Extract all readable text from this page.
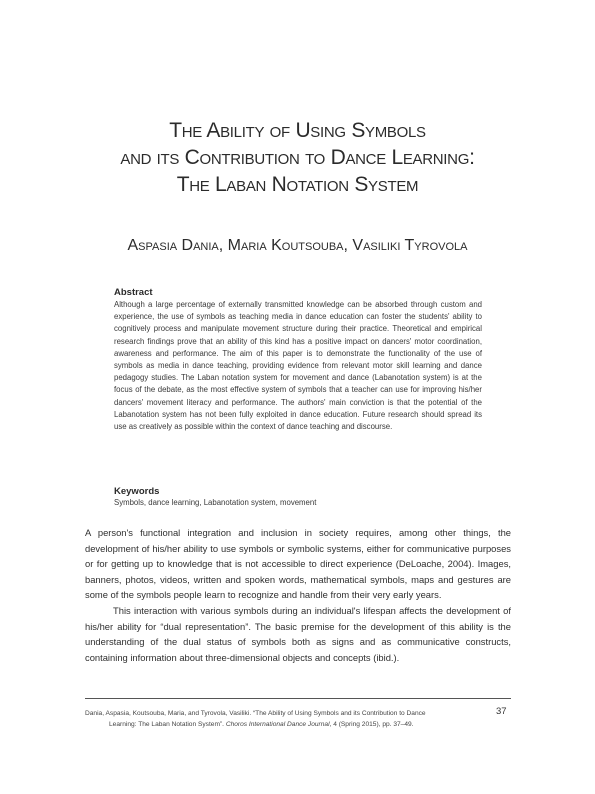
The Ability of Using Symbols
and its Contribution to Dance Learning:
The Laban Notation System
Aspasia Dania, Maria Koutsouba, Vasiliki Tyrovola
Abstract
Although a large percentage of externally transmitted knowledge can be absorbed through custom and experience, the use of symbols as teaching media in dance education can foster the students' ability to cognitively process and manipulate movement structure during their practice. Theoretical and empirical research findings prove that an ability of this kind has a positive impact on dancers' motor coordination, awareness and performance. The aim of this paper is to demonstrate the functionality of the use of symbols as media in dance teaching, providing evidence from relevant motor skill learning and dance pedagogy studies. The Laban notation system for movement and dance (Labanotation system) is at the focus of the debate, as the most effective system of symbols that a teacher can use for improving his/her dancers' movement literacy and performance. The authors' main conviction is that the potential of the Labanotation system has not been fully exploited in dance education. Future research should spread its use as creatively as possible within the context of dance teaching and discourse.
Keywords
Symbols, dance learning, Labanotation system, movement

A person's functional integration and inclusion in society requires, among other things, the development of his/her ability to use symbols or symbolic systems, either for communicative purposes or for getting up to knowledge that is not accessible to direct experience (DeLoache, 2004). Images, banners, photos, videos, written and spoken words, mathematical symbols, maps and gestures are some of the symbols people learn to recognize and handle from their very early years.

This interaction with various symbols during an individual's lifespan affects the development of his/her ability for “dual representation”. The basic premise for the development of this ability is the understanding of the dual status of symbols both as signs and as communicative constructs, containing information about three-dimensional objects and concepts (ibid.).

Dania, Aspasia, Koutsouba, Maria, and Tyrovola, Vasiliki. “The Ability of Using Symbols and its Contribution to Dance
Learning: The Laban Notation System”. Choros International Dance Journal, 4 (Spring 2015), pp. 37–49.
37
